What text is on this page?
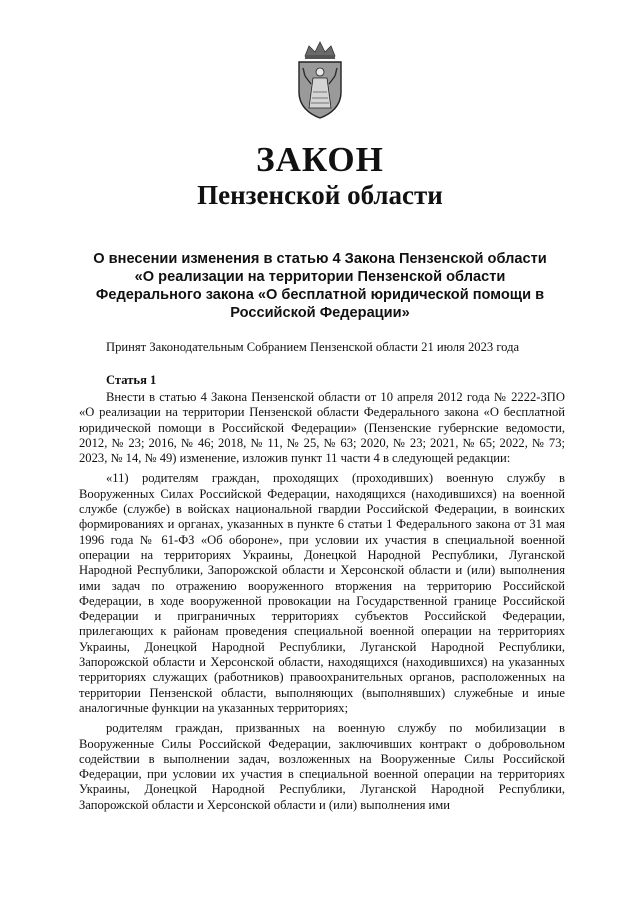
ЗАКОН
Пензенской области
О внесении изменения в статью 4 Закона Пензенской области
«О реализации на территории Пензенской области
Федерального закона «О бесплатной юридической помощи в
Российской Федерации»
Принят Законодательным Собранием Пензенской области 21 июля 2023 года
Статья 1

Внести в статью 4 Закона Пензенской области от 10 апреля 2012 года № 2222-ЗПО «О реализации на территории Пензенской области Федерального закона «О бесплатной юридической помощи в Российской Федерации» (Пензенские губернские ведомости, 2012, № 23; 2016, № 46; 2018, № 11, № 25, № 63; 2020, № 23; 2021, № 65; 2022, № 73; 2023, № 14, № 49) изменение, изложив пункт 11 части 4 в следующей редакции:

«11) родителям граждан, проходящих (проходивших) военную службу в Вооруженных Силах Российской Федерации, находящихся (находившихся) на военной службе (службе) в войсках национальной гвардии Российской Федерации, в воинских формированиях и органах, указанных в пункте 6 статьи 1 Федерального закона от 31 мая 1996 года № 61-ФЗ «Об обороне», при условии их участия в специальной военной операции на территориях Украины, Донецкой Народной Республики, Луганской Народной Республики, Запорожской области и Херсонской области и (или) выполнения ими задач по отражению вооруженного вторжения на территорию Российской Федерации, в ходе вооруженной провокации на Государственной границе Российской Федерации и приграничных территориях субъектов Российской Федерации, прилегающих к районам проведения специальной военной операции на территориях Украины, Донецкой Народной Республики, Луганской Народной Республики, Запорожской области и Херсонской области, находящихся (находившихся) на указанных территориях служащих (работников) правоохранительных органов, расположенных на территории Пензенской области, выполняющих (выполнявших) служебные и иные аналогичные функции на указанных территориях;

родителям граждан, призванных на военную службу по мобилизации в Вооруженные Силы Российской Федерации, заключивших контракт о добровольном содействии в выполнении задач, возложенных на Вооруженные Силы Российской Федерации, при условии их участия в специальной военной операции на территориях Украины, Донецкой Народной Республики, Луганской Народной Республики, Запорожской области и Херсонской области и (или) выполнения ими
